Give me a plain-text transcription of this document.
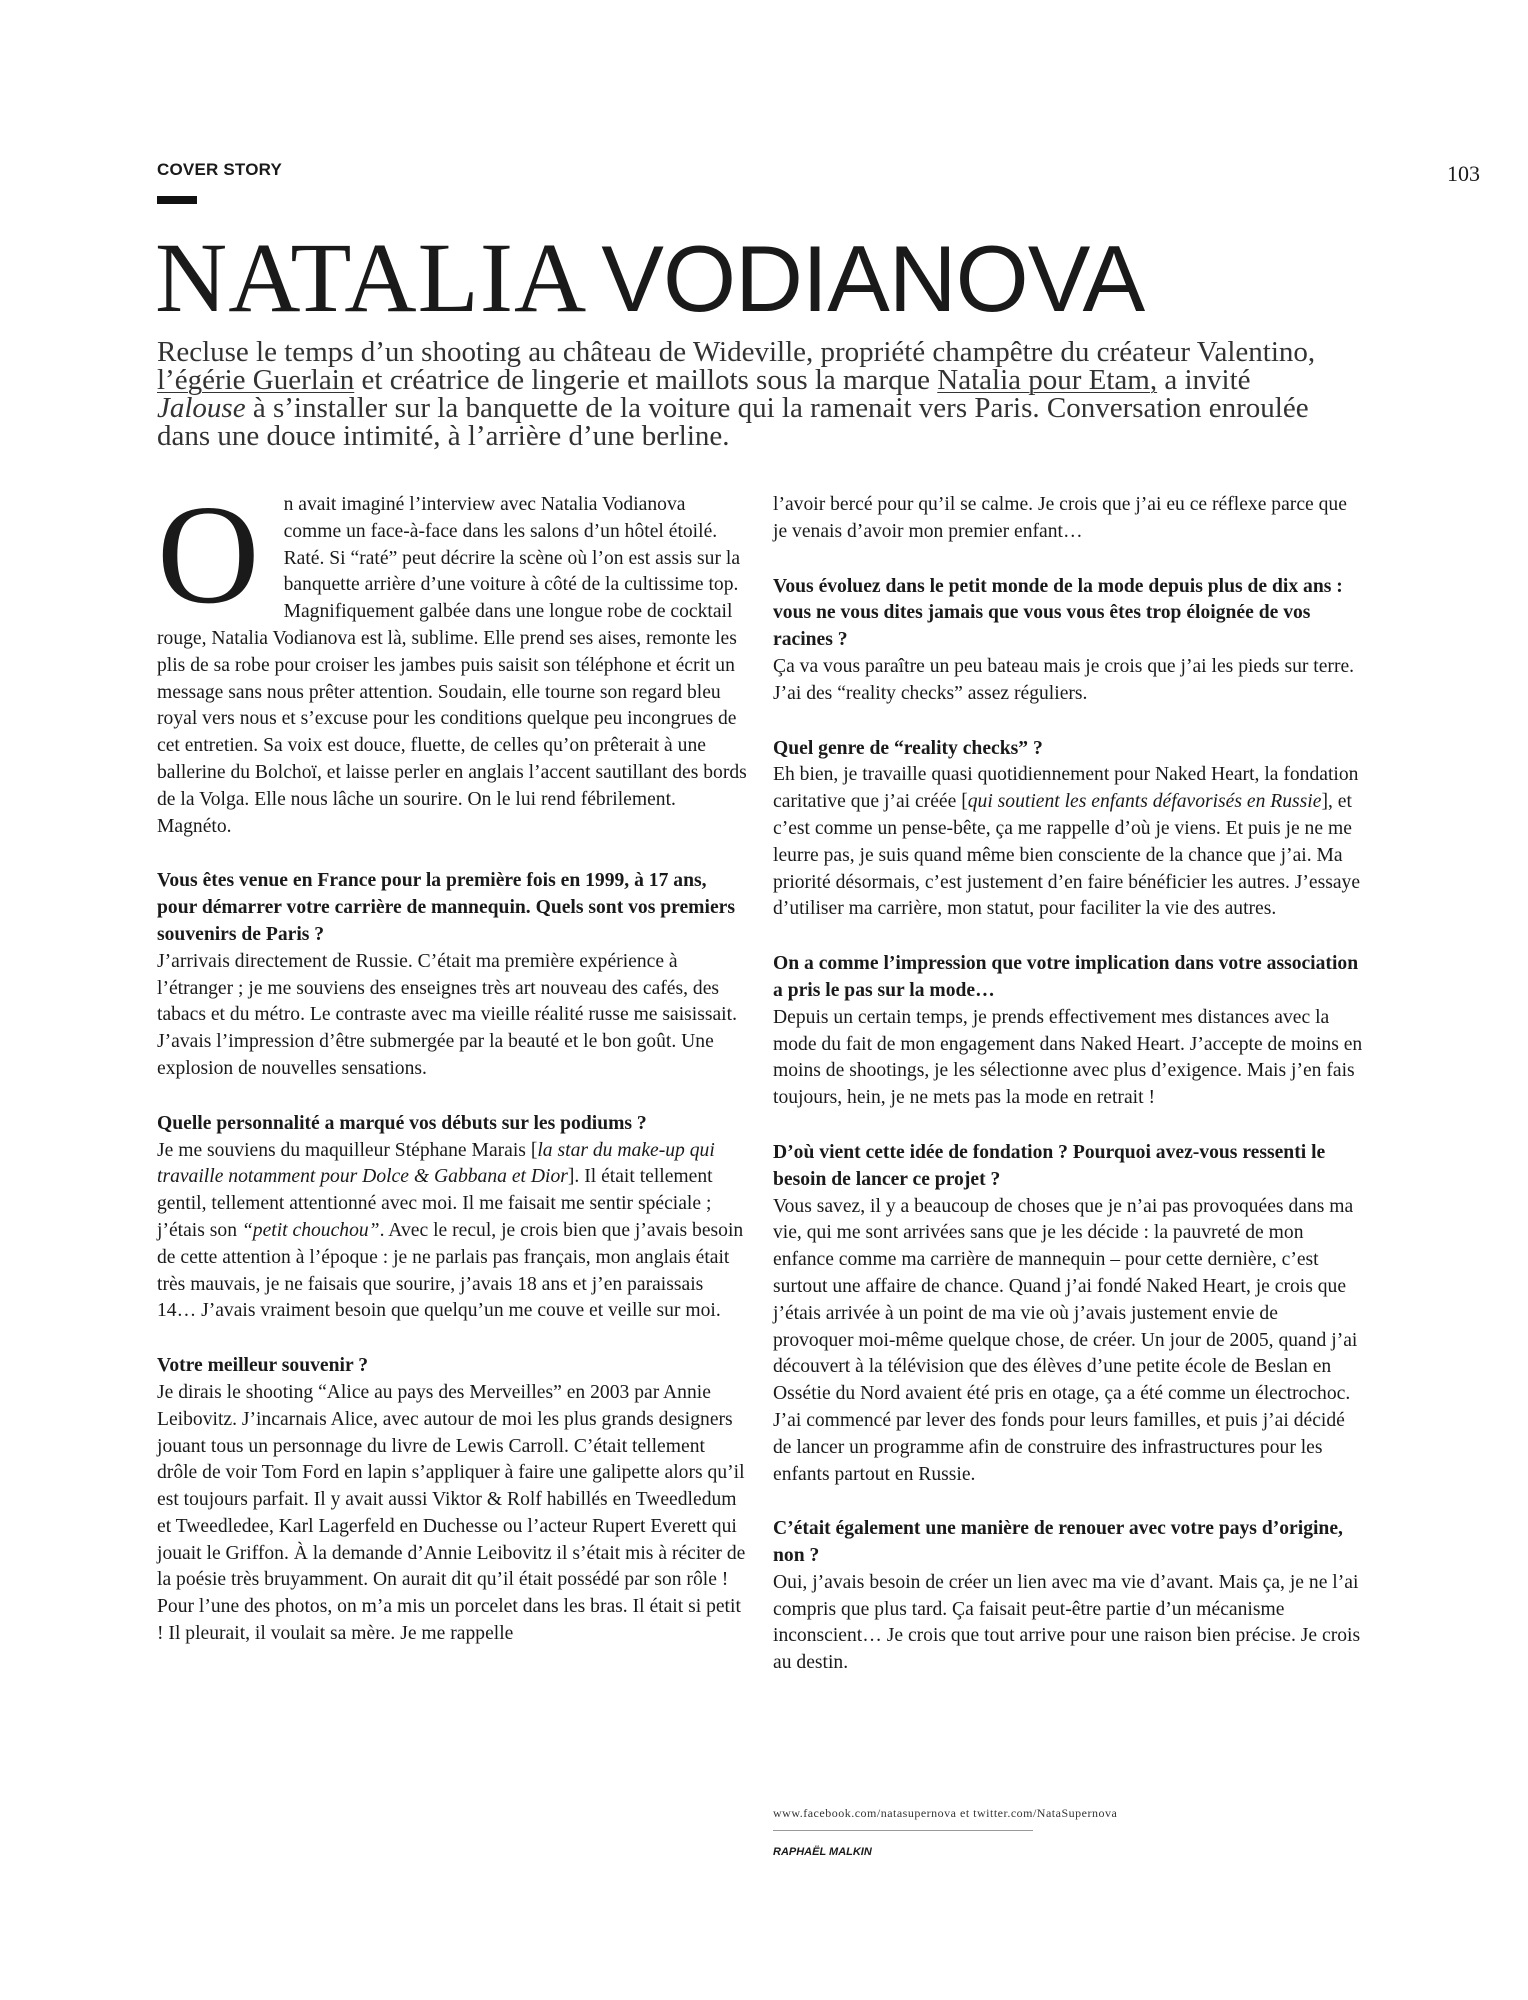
COVER STORY	103
NATALIA VODIANOVA
Recluse le temps d’un shooting au château de Wideville, propriété champêtre du créateur Valentino, l’égérie Guerlain et créatrice de lingerie et maillots sous la marque Natalia pour Etam, a invité Jalouse à s’installer sur la banquette de la voiture qui la ramenait vers Paris. Conversation enroulée dans une douce intimité, à l’arrière d’une berline.

O n avait imaginé l’interview avec Natalia Vodianova comme un face-à-face dans les salons d’un hôtel étoilé. Raté. Si “raté” peut décrire la scène où l’on est assis sur la banquette arrière d’une voiture à côté de la cultissime top. Magnifiquement galbée dans une longue robe de cocktail rouge, Natalia Vodianova est là, sublime. Elle prend ses aises, remonte les plis de sa robe pour croiser les jambes puis saisit son téléphone et écrit un message sans nous prêter attention. Soudain, elle tourne son regard bleu royal vers nous et s’excuse pour les conditions quelque peu incongrues de cet entretien. Sa voix est douce, fluette, de celles qu’on prêterait à une ballerine du Bolchoï, et laisse perler en anglais l’accent sautillant des bords de la Volga. Elle nous lâche un sourire. On le lui rend fébrilement. Magnéto.

Vous êtes venue en France pour la première fois en 1999, à 17 ans, pour démarrer votre carrière de mannequin. Quels sont vos premiers souvenirs de Paris ?

J’arrivais directement de Russie. C’était ma première expérience à l’étranger ; je me souviens des enseignes très art nouveau des cafés, des tabacs et du métro. Le contraste avec ma vieille réalité russe me saisissait. J’avais l’impression d’être submergée par la beauté et le bon goût. Une explosion de nouvelles sensations.

Quelle personnalité a marqué vos débuts sur les podiums ?

Je me souviens du maquilleur Stéphane Marais [la star du make-up qui travaille notamment pour Dolce & Gabbana et Dior]. Il était tellement gentil, tellement attentionné avec moi. Il me faisait me sentir spéciale ; j’étais son “petit chouchou”. Avec le recul, je crois bien que j’avais besoin de cette attention à l’époque : je ne parlais pas français, mon anglais était très mauvais, je ne faisais que sourire, j’avais 18 ans et j’en paraissais 14… J’avais vraiment besoin que quelqu’un me couve et veille sur moi.

Votre meilleur souvenir ?

Je dirais le shooting “Alice au pays des Merveilles” en 2003 par Annie Leibovitz. J’incarnais Alice, avec autour de moi les plus grands designers jouant tous un personnage du livre de Lewis Carroll. C’était tellement drôle de voir Tom Ford en lapin s’appliquer à faire une galipette alors qu’il est toujours parfait. Il y avait aussi Viktor & Rolf habillés en Tweedledum et Tweedledee, Karl Lagerfeld en Duchesse ou l’acteur Rupert Everett qui jouait le Griffon. À la demande d’Annie Leibovitz il s’était mis à réciter de la poésie très bruyamment. On aurait dit qu’il était possédé par son rôle ! Pour l’une des photos, on m’a mis un porcelet dans les bras. Il était si petit ! Il pleurait, il voulait sa mère. Je me rappelle

l’avoir bercé pour qu’il se calme. Je crois que j’ai eu ce réflexe parce que je venais d’avoir mon premier enfant…

Vous évoluez dans le petit monde de la mode depuis plus de dix ans : vous ne vous dites jamais que vous vous êtes trop éloignée de vos racines ?

Ça va vous paraître un peu bateau mais je crois que j’ai les pieds sur terre. J’ai des “reality checks” assez réguliers.

Quel genre de “reality checks” ?

Eh bien, je travaille quasi quotidiennement pour Naked Heart, la fondation caritative que j’ai créée [qui soutient les enfants défavorisés en Russie], et c’est comme un pense-bête, ça me rappelle d’où je viens. Et puis je ne me leurre pas, je suis quand même bien consciente de la chance que j’ai. Ma priorité désormais, c’est justement d’en faire bénéficier les autres. J’essaye d’utiliser ma carrière, mon statut, pour faciliter la vie des autres.

On a comme l’impression que votre implication dans votre association a pris le pas sur la mode…

Depuis un certain temps, je prends effectivement mes distances avec la mode du fait de mon engagement dans Naked Heart. J’accepte de moins en moins de shootings, je les sélectionne avec plus d’exigence. Mais j’en fais toujours, hein, je ne mets pas la mode en retrait !

D’où vient cette idée de fondation ? Pourquoi avez-vous ressenti le besoin de lancer ce projet ?

Vous savez, il y a beaucoup de choses que je n’ai pas provoquées dans ma vie, qui me sont arrivées sans que je les décide : la pauvreté de mon enfance comme ma carrière de mannequin – pour cette dernière, c’est surtout une affaire de chance. Quand j’ai fondé Naked Heart, je crois que j’étais arrivée à un point de ma vie où j’avais justement envie de provoquer moi-même quelque chose, de créer. Un jour de 2005, quand j’ai découvert à la télévision que des élèves d’une petite école de Beslan en Ossétie du Nord avaient été pris en otage, ça a été comme un électrochoc. J’ai commencé par lever des fonds pour leurs familles, et puis j’ai décidé de lancer un programme afin de construire des infrastructures pour les enfants partout en Russie.

C’était également une manière de renouer avec votre pays d’origine, non ?

Oui, j’avais besoin de créer un lien avec ma vie d’avant. Mais ça, je ne l’ai compris que plus tard. Ça faisait peut-être partie d’un mécanisme inconscient… Je crois que tout arrive pour une raison bien précise. Je crois au destin.

www.facebook.com/natasupernova et twitter.com/NataSupernova
RAPHAËL MALKIN
